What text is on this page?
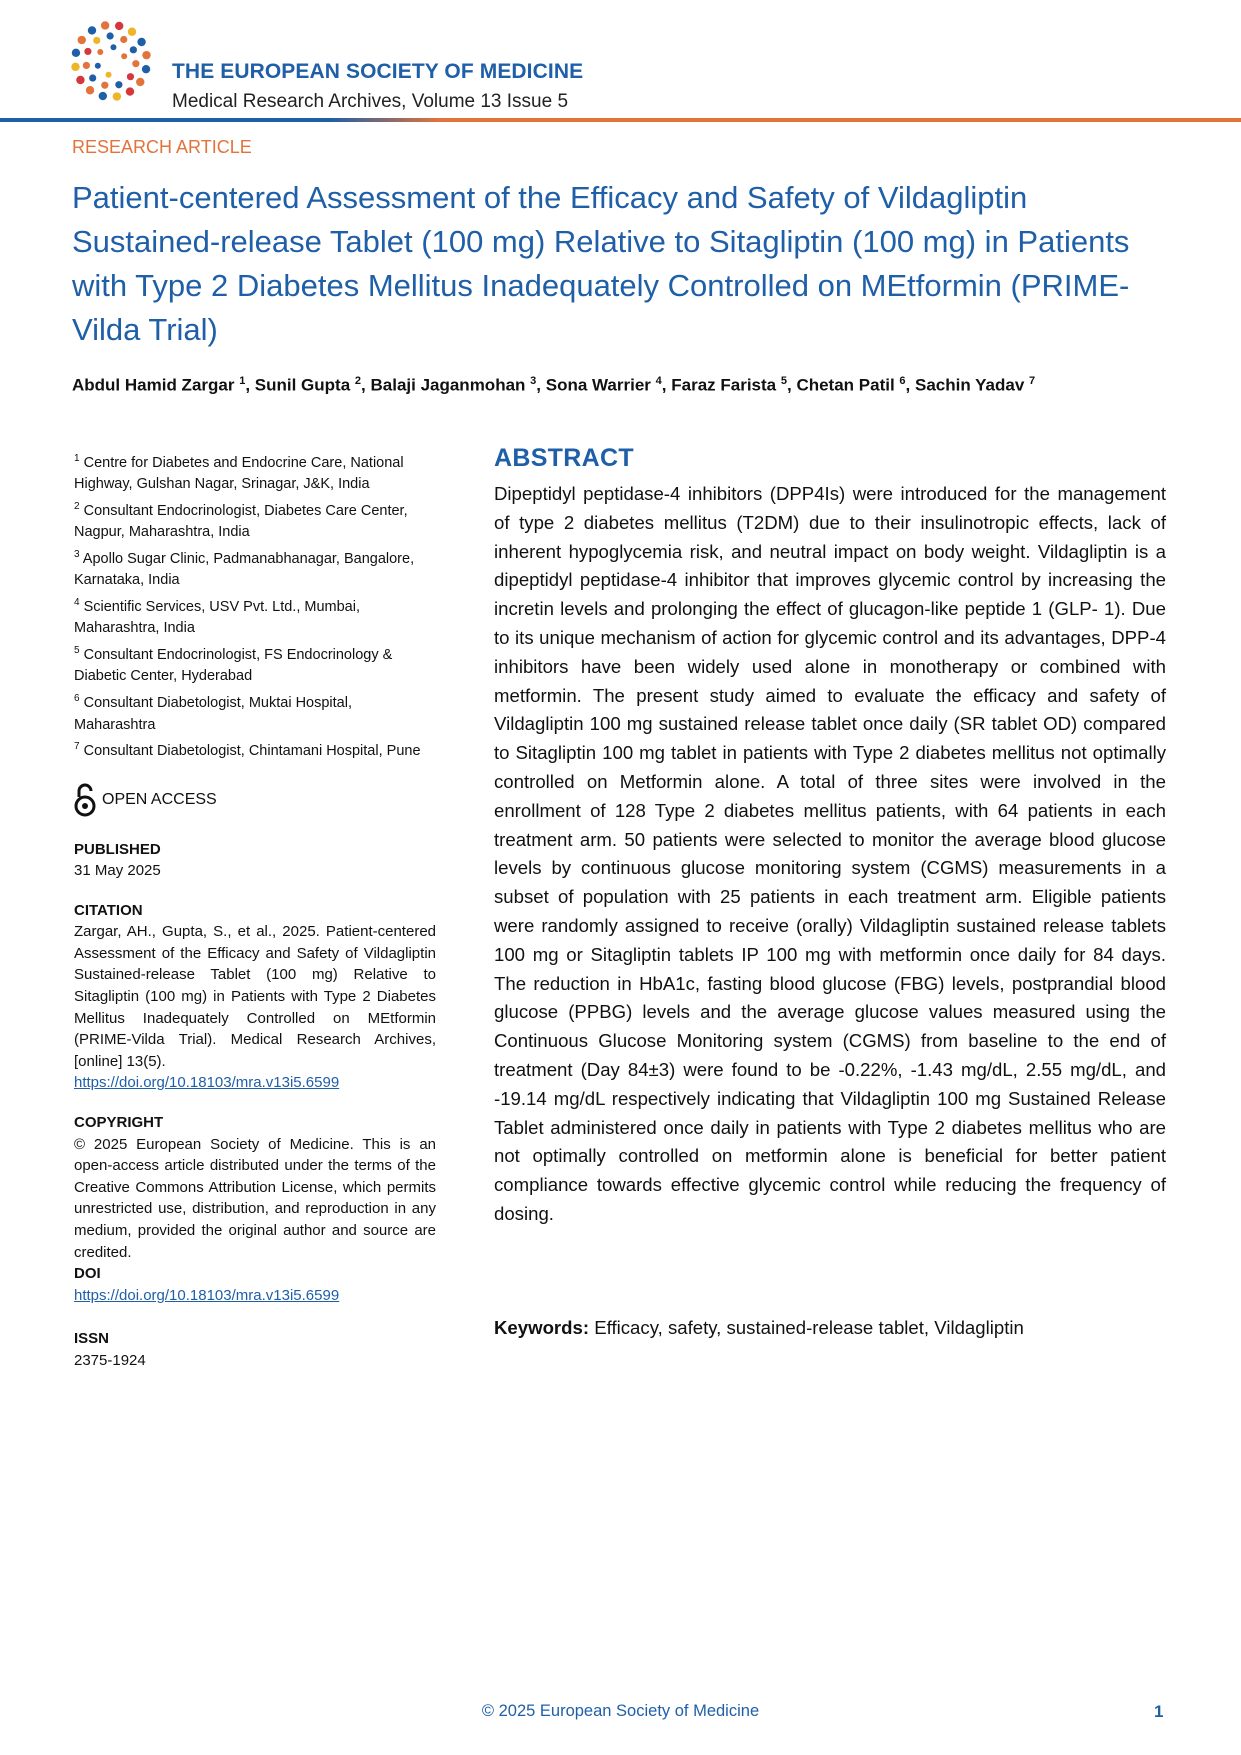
THE EUROPEAN SOCIETY OF MEDICINE
Medical Research Archives, Volume 13 Issue 5
RESEARCH ARTICLE
Patient-centered Assessment of the Efficacy and Safety of Vildagliptin Sustained-release Tablet (100 mg) Relative to Sitagliptin (100 mg) in Patients with Type 2 Diabetes Mellitus Inadequately Controlled on MEtformin (PRIME-Vilda Trial)

Abdul Hamid Zargar $^1$, Sunil Gupta $^2$, Balaji Jaganmohan $^3$, Sona Warrier $^4$, Faraz Farista $^5$, Chetan Patil $^6$, Sachin Yadav $^7$

$^1$ Centre for Diabetes and Endocrine Care, National Highway, Gulshan Nagar, Srinagar, J&K, India

$^2$ Consultant Endocrinologist, Diabetes Care Center, Nagpur, Maharashtra, India

$^3$ Apollo Sugar Clinic, Padmanabhanagar, Bangalore, Karnataka, India

$^4$ Scientific Services, USV Pvt. Ltd., Mumbai, Maharashtra, India

$^5$ Consultant Endocrinologist, FS Endocrinology & Diabetic Center, Hyderabad

$^6$ Consultant Diabetologist, Muktai Hospital, Maharashtra

$^7$ Consultant Diabetologist, Chintamani Hospital, Pune

OPEN ACCESS

PUBLISHED

31 May 2025

CITATION

Zargar, AH., Gupta, S., et al., 2025. Patient-centered Assessment of the Efficacy and Safety of Vildagliptin Sustained-release Tablet (100 mg) Relative to Sitagliptin (100 mg) in Patients with Type 2 Diabetes Mellitus Inadequately Controlled on MEtformin (PRIME-Vilda Trial). Medical Research Archives, [online] 13(5).

https://doi.org/10.18103/mra.v13i5.6599

COPYRIGHT

© 2025 European Society of Medicine. This is an open-access article distributed under the terms of the Creative Commons Attribution License, which permits unrestricted use, distribution, and reproduction in any medium, provided the original author and source are credited.

DOI

https://doi.org/10.18103/mra.v13i5.6599

ISSN

2375-1924

ABSTRACT

Dipeptidyl peptidase-4 inhibitors (DPP4Is) were introduced for the management of type 2 diabetes mellitus (T2DM) due to their insulinotropic effects, lack of inherent hypoglycemia risk, and neutral impact on body weight. Vildagliptin is a dipeptidyl peptidase-4 inhibitor that improves glycemic control by increasing the incretin levels and prolonging the effect of glucagon-like peptide 1 (GLP- 1). Due to its unique mechanism of action for glycemic control and its advantages, DPP-4 inhibitors have been widely used alone in monotherapy or combined with metformin. The present study aimed to evaluate the efficacy and safety of Vildagliptin 100 mg sustained release tablet once daily (SR tablet OD) compared to Sitagliptin 100 mg tablet in patients with Type 2 diabetes mellitus not optimally controlled on Metformin alone. A total of three sites were involved in the enrollment of 128 Type 2 diabetes mellitus patients, with 64 patients in each treatment arm. 50 patients were selected to monitor the average blood glucose levels by continuous glucose monitoring system (CGMS) measurements in a subset of population with 25 patients in each treatment arm. Eligible patients were randomly assigned to receive (orally) Vildagliptin sustained release tablets 100 mg or Sitagliptin tablets IP 100 mg with metformin once daily for 84 days. The reduction in HbA1c, fasting blood glucose (FBG) levels, postprandial blood glucose (PPBG) levels and the average glucose values measured using the Continuous Glucose Monitoring system (CGMS) from baseline to the end of treatment (Day 84±3) were found to be -0.22%, -1.43 mg/dL, 2.55 mg/dL, and -19.14 mg/dL respectively indicating that Vildagliptin 100 mg Sustained Release Tablet administered once daily in patients with Type 2 diabetes mellitus who are not optimally controlled on metformin alone is beneficial for better patient compliance towards effective glycemic control while reducing the frequency of dosing.

Keywords: Efficacy, safety, sustained-release tablet, Vildagliptin

© 2025 European Society of Medicine	1
